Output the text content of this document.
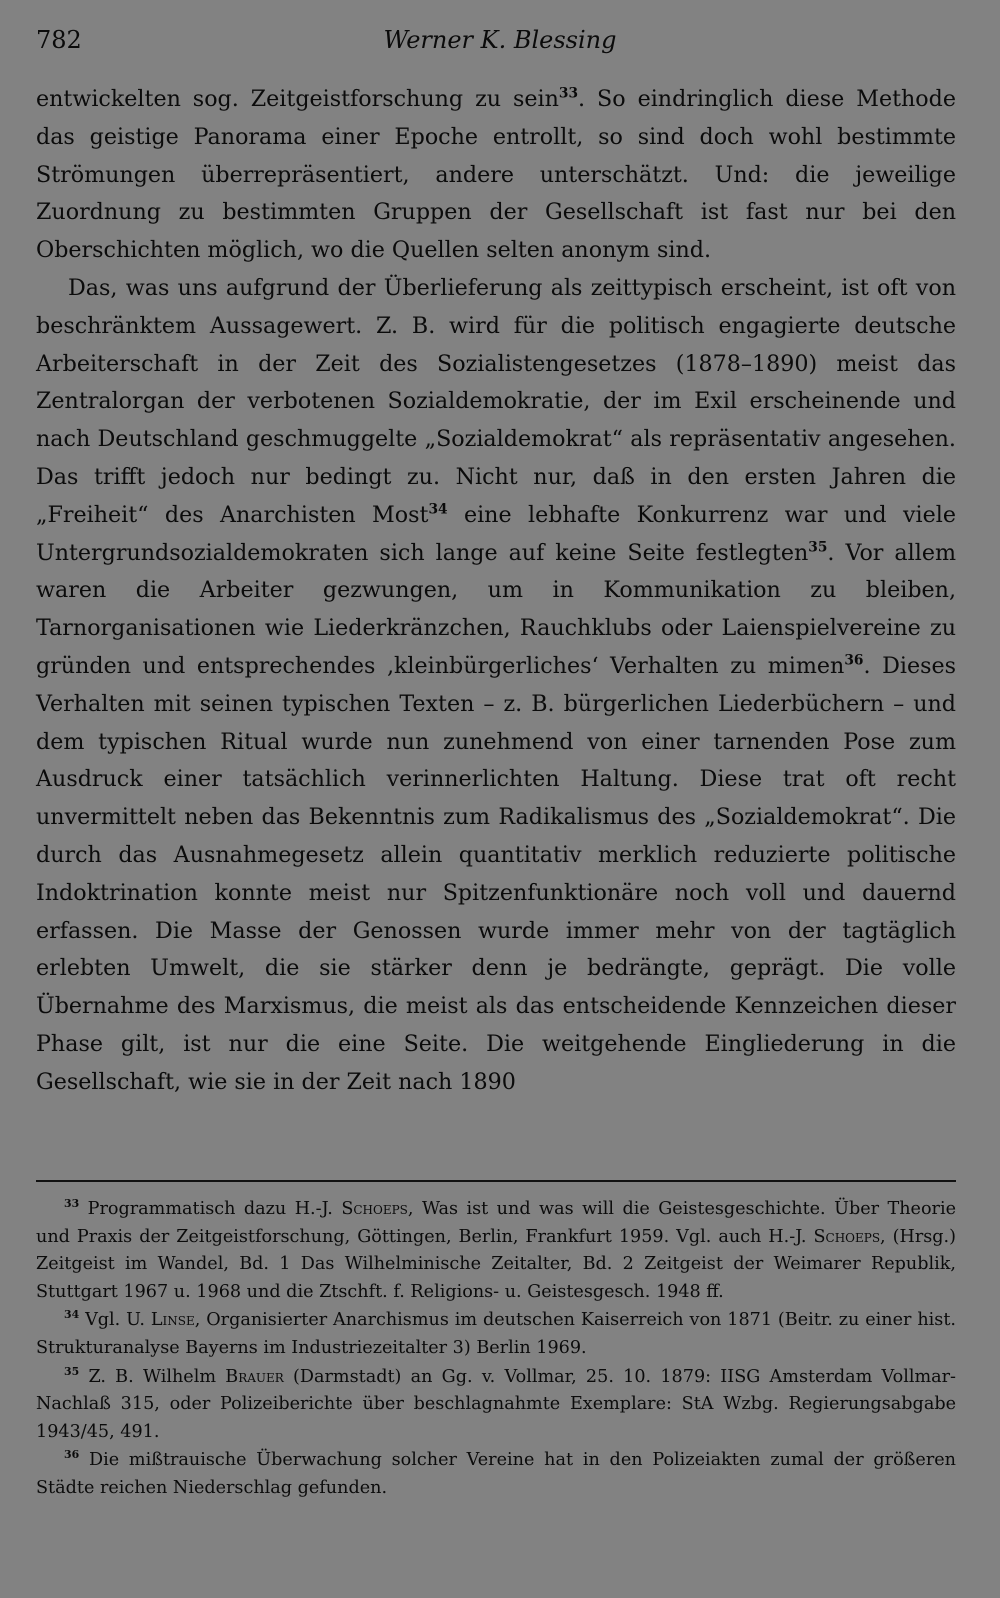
782	Werner K. Blessing

entwickelten sog. Zeitgeistforschung zu sein$^{33}$. So eindringlich diese Methode das geistige Panorama einer Epoche entrollt, so sind doch wohl bestimmte Strömungen überrepräsentiert, andere unterschätzt. Und: die jeweilige Zuordnung zu bestimmten Gruppen der Gesellschaft ist fast nur bei den Oberschichten möglich, wo die Quellen selten anonym sind.

Das, was uns aufgrund der Überlieferung als zeittypisch erscheint, ist oft von beschränktem Aussagewert. Z. B. wird für die politisch engagierte deutsche Arbeiterschaft in der Zeit des Sozialistengesetzes (1878–1890) meist das Zentralorgan der verbotenen Sozialdemokratie, der im Exil erscheinende und nach Deutschland geschmuggelte „Sozialdemokrat“ als repräsentativ angesehen. Das trifft jedoch nur bedingt zu. Nicht nur, daß in den ersten Jahren die „Freiheit“ des Anarchisten Most$^{34}$ eine lebhafte Konkurrenz war und viele Untergrundsozialdemokraten sich lange auf keine Seite festlegten$^{35}$. Vor allem waren die Arbeiter gezwungen, um in Kommunikation zu bleiben, Tarnorganisationen wie Liederkränzchen, Rauchklubs oder Laienspielvereine zu gründen und entsprechendes ‚kleinbürgerliches‘ Verhalten zu mimen$^{36}$. Dieses Verhalten mit seinen typischen Texten – z. B. bürgerlichen Liederbüchern – und dem typischen Ritual wurde nun zunehmend von einer tarnenden Pose zum Ausdruck einer tatsächlich verinnerlichten Haltung. Diese trat oft recht unvermittelt neben das Bekenntnis zum Radikalismus des „Sozialdemokrat“. Die durch das Ausnahmegesetz allein quantitativ merklich reduzierte politische Indoktrination konnte meist nur Spitzenfunktionäre noch voll und dauernd erfassen. Die Masse der Genossen wurde immer mehr von der tagtäglich erlebten Umwelt, die sie stärker denn je bedrängte, geprägt. Die volle Übernahme des Marxismus, die meist als das entscheidende Kennzeichen dieser Phase gilt, ist nur die eine Seite. Die weitgehende Eingliederung in die Gesellschaft, wie sie in der Zeit nach 1890

$^{33}$ Programmatisch dazu H.-J. Schoeps, Was ist und was will die Geistesgeschichte. Über Theorie und Praxis der Zeitgeistforschung, Göttingen, Berlin, Frankfurt 1959. Vgl. auch H.-J. Schoeps, (Hrsg.) Zeitgeist im Wandel, Bd. 1 Das Wilhelminische Zeitalter, Bd. 2 Zeitgeist der Weimarer Republik, Stuttgart 1967 u. 1968 und die Ztschft. f. Religions- u. Geistesgesch. 1948 ff.

$^{34}$ Vgl. U. Linse, Organisierter Anarchismus im deutschen Kaiserreich von 1871 (Beitr. zu einer hist. Strukturanalyse Bayerns im Industriezeitalter 3) Berlin 1969.

$^{35}$ Z. B. Wilhelm Brauer (Darmstadt) an Gg. v. Vollmar, 25. 10. 1879: IISG Amsterdam Vollmar-Nachlaß 315, oder Polizeiberichte über beschlagnahmte Exemplare: StA Wzbg. Regierungsabgabe 1943/45, 491.

$^{36}$ Die mißtrauische Überwachung solcher Vereine hat in den Polizeiakten zumal der größeren Städte reichen Niederschlag gefunden.
